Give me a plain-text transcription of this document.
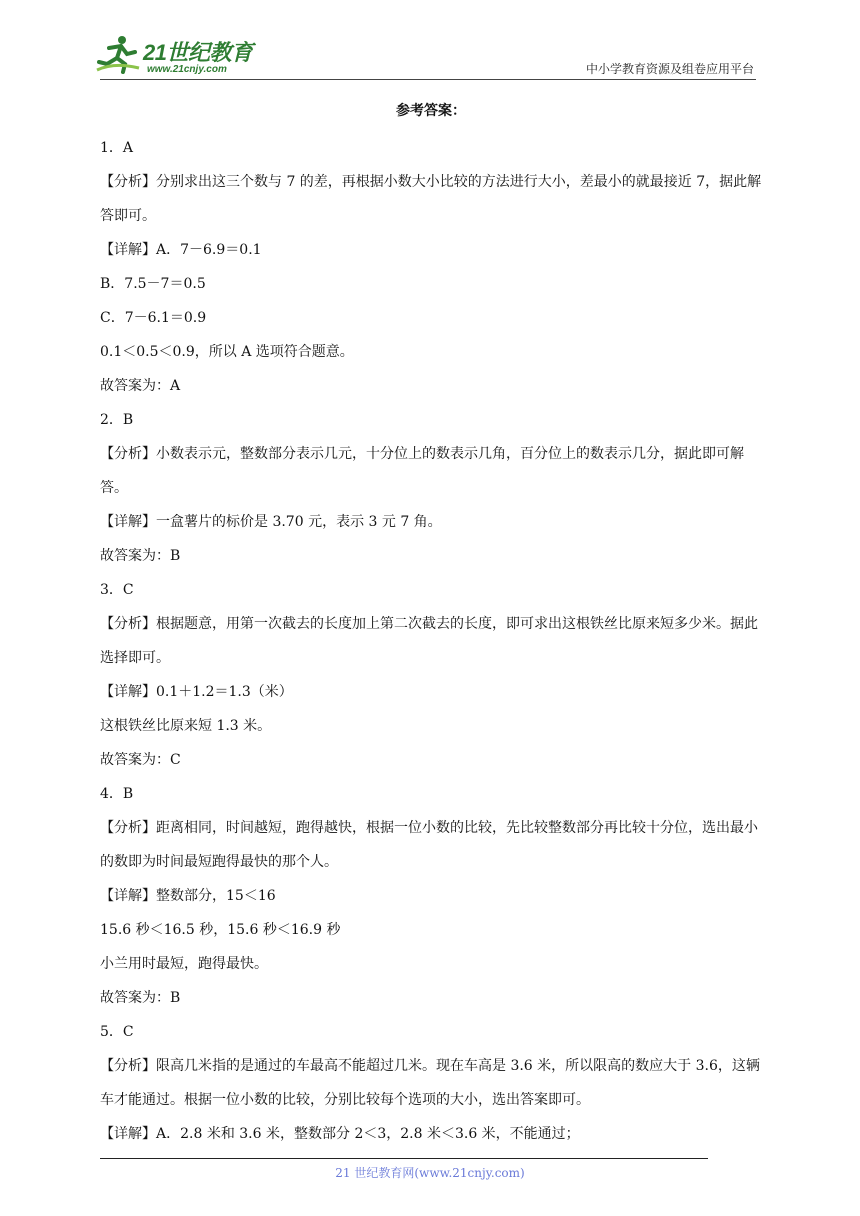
21世纪教育
www.21cnjy.com	中小学教育资源及组卷应用平台
参考答案：

1．A

【分析】分别求出这三个数与 7 的差，再根据小数大小比较的方法进行大小，差最小的就最接近 7，据此解答即可。

【详解】A．7－6.9＝0.1

B．7.5－7＝0.5

C．7－6.1＝0.9

0.1＜0.5＜0.9，所以 A 选项符合题意。

故答案为：A

2．B

【分析】小数表示元，整数部分表示几元，十分位上的数表示几角，百分位上的数表示几分，据此即可解答。

【详解】一盒薯片的标价是 3.70 元，表示 3 元 7 角。

故答案为：B

3．C

【分析】根据题意，用第一次截去的长度加上第二次截去的长度，即可求出这根铁丝比原来短多少米。据此选择即可。

【详解】0.1＋1.2＝1.3（米）

这根铁丝比原来短 1.3 米。

故答案为：C

4．B

【分析】距离相同，时间越短，跑得越快，根据一位小数的比较，先比较整数部分再比较十分位，选出最小的数即为时间最短跑得最快的那个人。

【详解】整数部分，15＜16

15.6 秒＜16.5 秒，15.6 秒＜16.9 秒

小兰用时最短，跑得最快。

故答案为：B

5．C

【分析】限高几米指的是通过的车最高不能超过几米。现在车高是 3.6 米，所以限高的数应大于 3.6，这辆车才能通过。根据一位小数的比较，分别比较每个选项的大小，选出答案即可。

【详解】A．2.8 米和 3.6 米，整数部分 2＜3，2.8 米＜3.6 米，不能通过；

21 世纪教育网(www.21cnjy.com)
